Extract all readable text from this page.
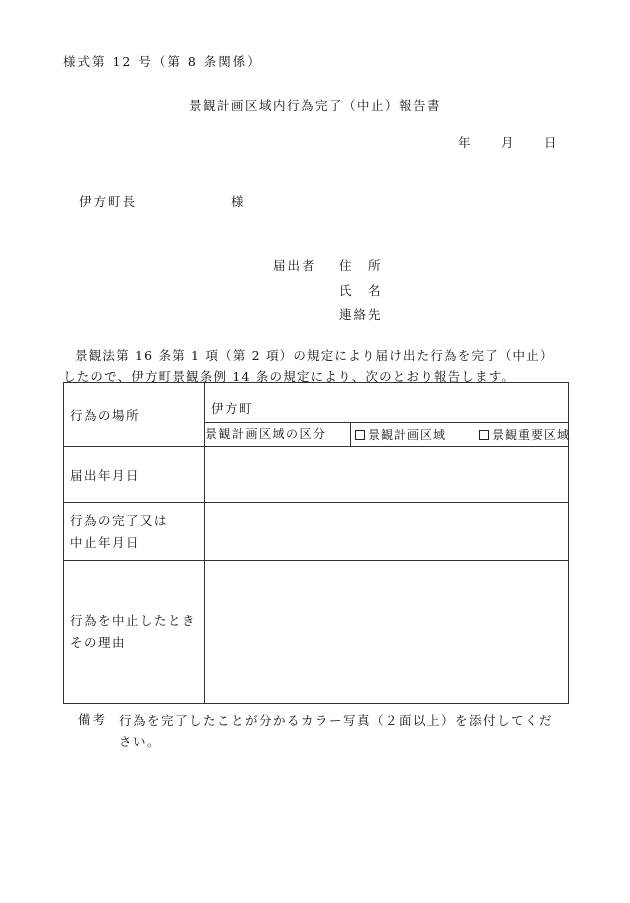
様式第 12 号（第 8 条関係）
景観計画区域内行為完了（中止）報告書
年 月 日
伊方町長	様
届出者 住　所
氏　名
連絡先
景観法第 16 条第 1 項（第 2 項）の規定により届け出た行為を完了（中止）したので、伊方町景観条例 14 条の規定により、次のとおり報告します。
行為の場所	伊方町

	景観計画区域の区分 景観計画区域 景観重要区域

届出年月日	

行為の完了又は
中止年月日	

行為を中止したとき
その理由	

備考 行為を完了したことが分かるカラー写真（２面以上）を添付してください。
